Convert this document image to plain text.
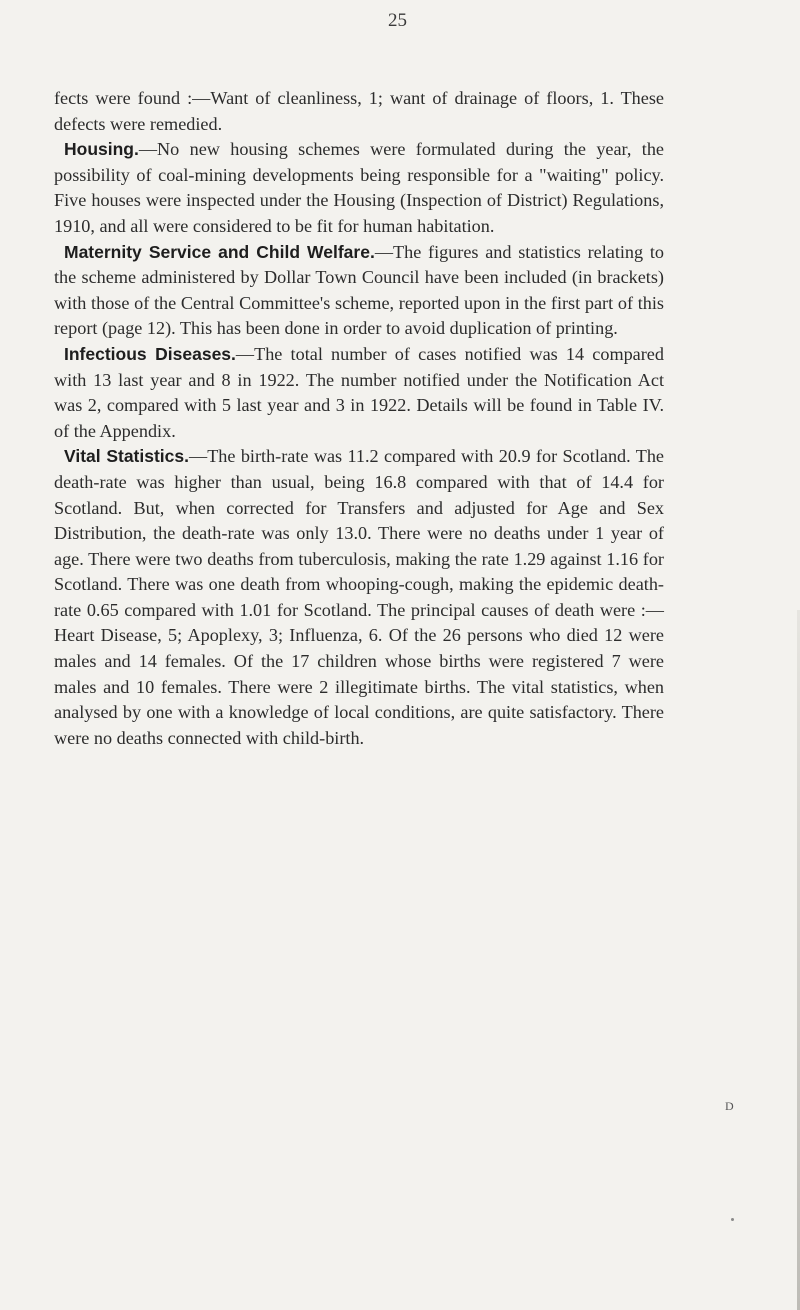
25

fects were found :—Want of cleanliness, 1; want of drainage of floors, 1. These defects were remedied.

Housing.—No new housing schemes were formulated during the year, the possibility of coal-mining developments being responsible for a "waiting" policy. Five houses were inspected under the Housing (Inspection of District) Regulations, 1910, and all were considered to be fit for human habitation.

Maternity Service and Child Welfare.—The figures and statistics relating to the scheme administered by Dollar Town Council have been included (in brackets) with those of the Central Committee's scheme, reported upon in the first part of this report (page 12). This has been done in order to avoid duplication of printing.

Infectious Diseases.—The total number of cases notified was 14 compared with 13 last year and 8 in 1922. The number notified under the Notification Act was 2, compared with 5 last year and 3 in 1922. Details will be found in Table IV. of the Appendix.

Vital Statistics.—The birth-rate was 11.2 compared with 20.9 for Scotland. The death-rate was higher than usual, being 16.8 compared with that of 14.4 for Scotland. But, when corrected for Transfers and adjusted for Age and Sex Distribution, the death-rate was only 13.0. There were no deaths under 1 year of age. There were two deaths from tuberculosis, making the rate 1.29 against 1.16 for Scotland. There was one death from whooping-cough, making the epidemic death-rate 0.65 compared with 1.01 for Scotland. The principal causes of death were :—Heart Disease, 5; Apoplexy, 3; Influenza, 6. Of the 26 persons who died 12 were males and 14 females. Of the 17 children whose births were registered 7 were males and 10 females. There were 2 illegitimate births. The vital statistics, when analysed by one with a knowledge of local conditions, are quite satisfactory. There were no deaths connected with child-birth.

D
